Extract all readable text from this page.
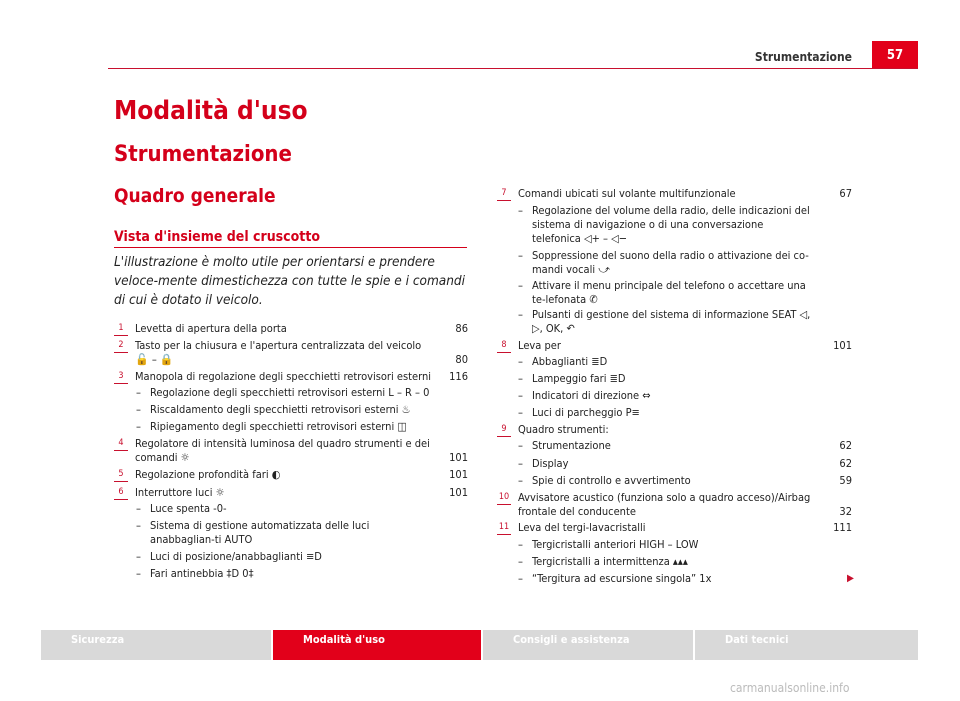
Strumentazione	57
Modalità d'uso
Strumentazione
Quadro generale
Vista d'insieme del cruscotto
L'illustrazione è molto utile per orientarsi e prendere veloce-mente dimestichezza con tutte le spie e i comandi di cui è dotato il veicolo.
1	Levetta di apertura della porta	86
2	Tasto per la chiusura e l'apertura centralizzata del veicolo 🔓 – 🔒	80
3	Manopola di regolazione degli specchietti retrovisori esterni	116
– Regolazione degli specchietti retrovisori esterni L – R – 0
– Riscaldamento degli specchietti retrovisori esterni ♨
– Ripiegamento degli specchietti retrovisori esterni ◫
4	Regolatore di intensità luminosa del quadro strumenti e dei comandi ☼	101
5	Regolazione profondità fari ◐	101
6	Interruttore luci ☼	101
– Luce spenta -0-
– Sistema di gestione automatizzata delle luci anabbaglian-ti AUTO
– Luci di posizione/anabbaglianti ≡D
– Fari antinebbia ‡D 0‡
7	Comandi ubicati sul volante multifunzionale	67
– Regolazione del volume della radio, delle indicazioni del sistema di navigazione o di una conversazione telefonica ◁+ – ◁−
– Soppressione del suono della radio o attivazione dei co-mandi vocali ⤻
– Attivare il menu principale del telefono o accettare una te-lefonata ✆
– Pulsanti di gestione del sistema di informazione SEAT ◁, ▷, OK, ↶
8	Leva per	101
– Abbaglianti ≣D
– Lampeggio fari ≣D
– Indicatori di direzione ⇔
– Luci di parcheggio P≡
9	Quadro strumenti:
– Strumentazione	62
– Display	62
– Spie di controllo e avvertimento	59
10 Avvisatore acustico (funziona solo a quadro acceso)/Airbag frontale del conducente	32
11 Leva del tergi-lavacristalli	111
– Tergicristalli anteriori HIGH – LOW
– Tergicristalli a intermittenza ▴▴▴
– “Tergitura ad escursione singola” 1x	▶
Sicurezza	Modalità d'uso	Consigli e assistenza	Dati tecnici
carmanualsonline.info
